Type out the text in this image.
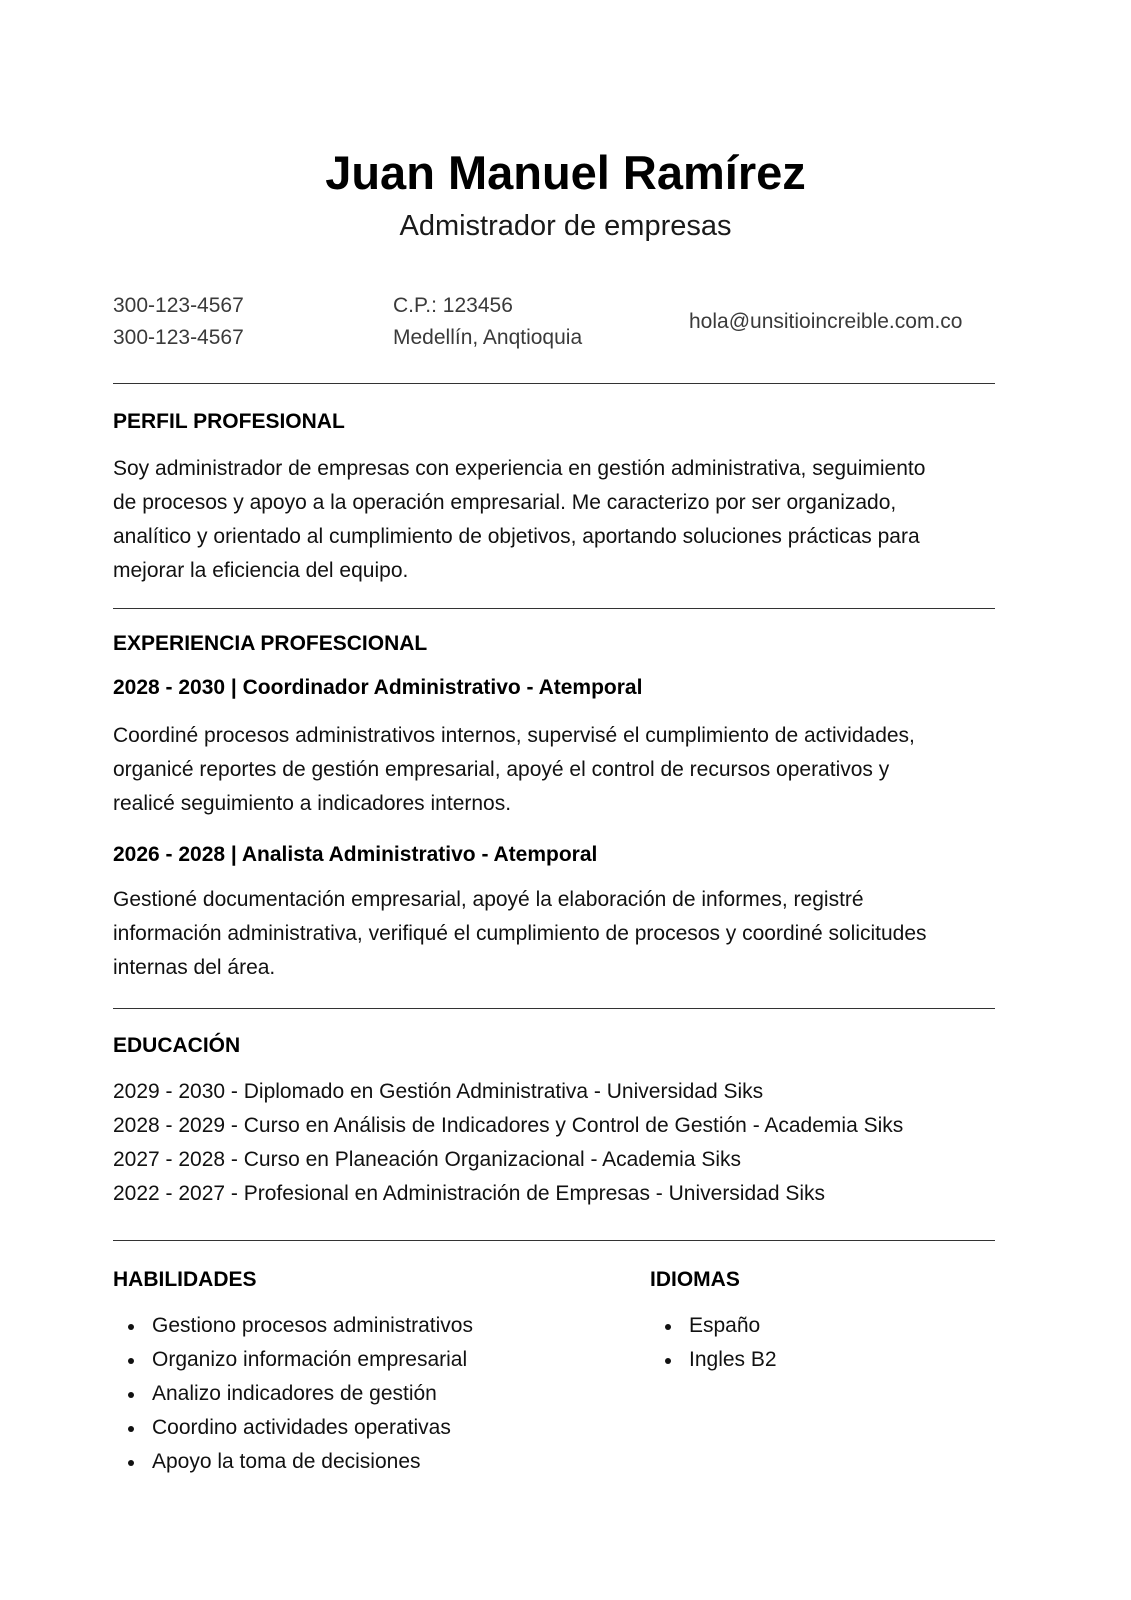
Juan Manuel Ramírez
Admistrador de empresas
300-123-4567
300-123-4567
C.P.: 123456
Medellín, Anqtioquia
hola@unsitioincreible.com.co
PERFIL PROFESIONAL
Soy administrador de empresas con experiencia en gestión administrativa, seguimiento
de procesos y apoyo a la operación empresarial. Me caracterizo por ser organizado,
analítico y orientado al cumplimiento de objetivos, aportando soluciones prácticas para
mejorar la eficiencia del equipo.
EXPERIENCIA PROFESCIONAL
2028 - 2030 | Coordinador Administrativo - Atemporal
Coordiné procesos administrativos internos, supervisé el cumplimiento de actividades,
organicé reportes de gestión empresarial, apoyé el control de recursos operativos y
realicé seguimiento a indicadores internos.
2026 - 2028 | Analista Administrativo - Atemporal
Gestioné documentación empresarial, apoyé la elaboración de informes, registré
información administrativa, verifiqué el cumplimiento de procesos y coordiné solicitudes
internas del área.
EDUCACIÓN
2029 - 2030 - Diplomado en Gestión Administrativa - Universidad Siks
2028 - 2029 - Curso en Análisis de Indicadores y Control de Gestión - Academia Siks
2027 - 2028 - Curso en Planeación Organizacional - Academia Siks
2022 - 2027 - Profesional en Administración de Empresas - Universidad Siks
HABILIDADES
Gestiono procesos administrativos
Organizo información empresarial
Analizo indicadores de gestión
Coordino actividades operativas
Apoyo la toma de decisiones
IDIOMAS
Españo
Ingles B2
